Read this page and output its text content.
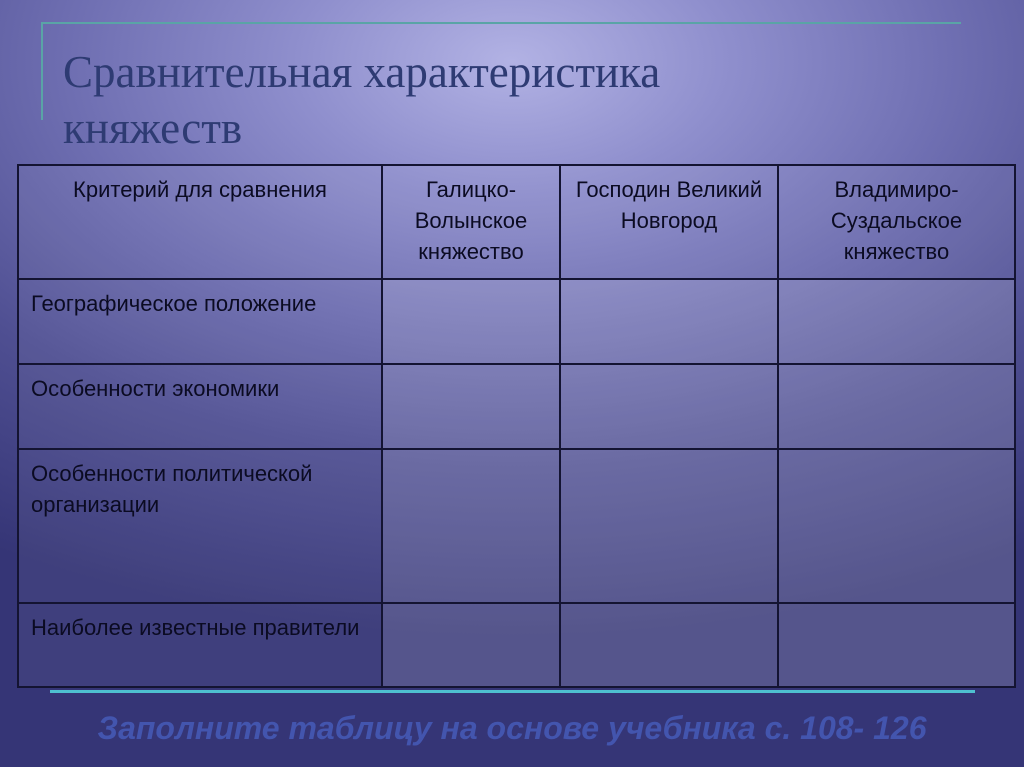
Сравнительная характеристика
княжеств
Критерий для сравнения	Галицко-Волынское княжество	Господин Великий Новгород	Владимиро-Суздальское княжество
Географическое положение			
Особенности экономики			
Особенности политической организации			
Наиболее известные правители			
Заполните таблицу на основе учебника с. 108- 126
